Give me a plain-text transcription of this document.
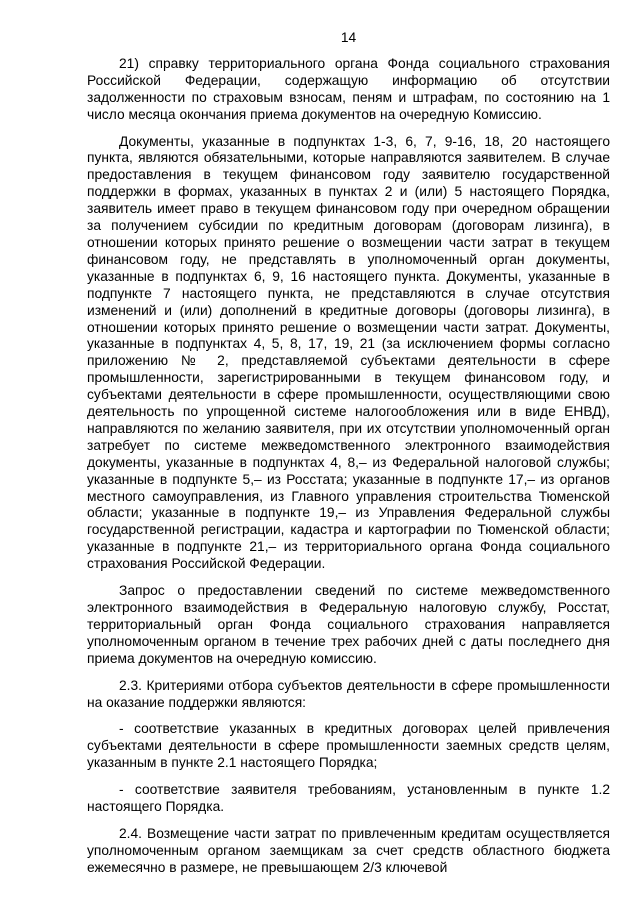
14

21) справку территориального органа Фонда социального страхования Российской Федерации, содержащую информацию об отсутствии задолженности по страховым взносам, пеням и штрафам, по состоянию на 1 число месяца окончания приема документов на очередную Комиссию.

Документы, указанные в подпунктах 1-3, 6, 7, 9-16, 18, 20 настоящего пункта, являются обязательными, которые направляются заявителем. В случае предоставления в текущем финансовом году заявителю государственной поддержки в формах, указанных в пунктах 2 и (или) 5 настоящего Порядка, заявитель имеет право в текущем финансовом году при очередном обращении за получением субсидии по кредитным договорам (договорам лизинга), в отношении которых принято решение о возмещении части затрат в текущем финансовом году, не представлять в уполномоченный орган документы, указанные в подпунктах 6, 9, 16 настоящего пункта. Документы, указанные в подпункте 7 настоящего пункта, не представляются в случае отсутствия изменений и (или) дополнений в кредитные договоры (договоры лизинга), в отношении которых принято решение о возмещении части затрат. Документы, указанные в подпунктах 4, 5, 8, 17, 19, 21 (за исключением формы согласно приложению № 2, представляемой субъектами деятельности в сфере промышленности, зарегистрированными в текущем финансовом году, и субъектами деятельности в сфере промышленности, осуществляющими свою деятельность по упрощенной системе налогообложения или в виде ЕНВД), направляются по желанию заявителя, при их отсутствии уполномоченный орган затребует по системе межведомственного электронного взаимодействия документы, указанные в подпунктах 4, 8,– из Федеральной налоговой службы; указанные в подпункте 5,– из Росстата; указанные в подпункте 17,– из органов местного самоуправления, из Главного управления строительства Тюменской области; указанные в подпункте 19,– из Управления Федеральной службы государственной регистрации, кадастра и картографии по Тюменской области; указанные в подпункте 21,– из территориального органа Фонда социального страхования Российской Федерации.

Запрос о предоставлении сведений по системе межведомственного электронного взаимодействия в Федеральную налоговую службу, Росстат, территориальный орган Фонда социального страхования направляется уполномоченным органом в течение трех рабочих дней с даты последнего дня приема документов на очередную комиссию.

2.3. Критериями отбора субъектов деятельности в сфере промышленности на оказание поддержки являются:

- соответствие указанных в кредитных договорах целей привлечения субъектами деятельности в сфере промышленности заемных средств целям, указанным в пункте 2.1 настоящего Порядка;

- соответствие заявителя требованиям, установленным в пункте 1.2 настоящего Порядка.

2.4. Возмещение части затрат по привлеченным кредитам осуществляется уполномоченным органом заемщикам за счет средств областного бюджета ежемесячно в размере, не превышающем 2/3 ключевой
